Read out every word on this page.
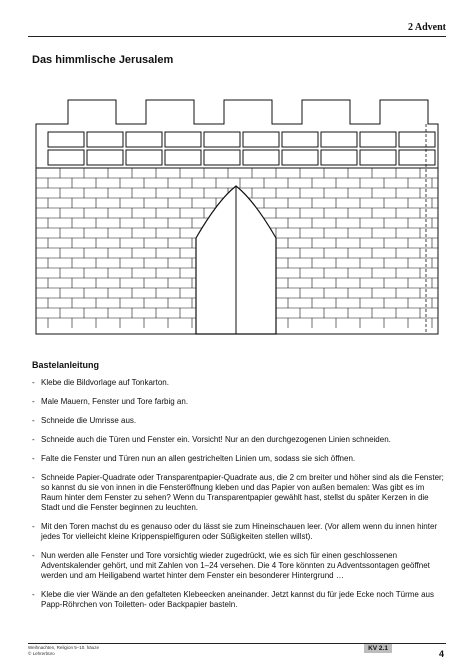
2 Advent
Das himmlische Jerusalem
Bastelanleitung
- Klebe die Bildvorlage auf Tonkarton.
- Male Mauern, Fenster und Tore farbig an.
- Schneide die Umrisse aus.
- Schneide auch die Türen und Fenster ein. Vorsicht! Nur an den durchgezogenen Linien schneiden.
- Falte die Fenster und Türen nun an allen gestrichelten Linien um, sodass sie sich öffnen.
- Schneide Papier-Quadrate oder Transparentpapier-Quadrate aus, die 2 cm breiter und höher sind als die Fenster; so kannst du sie von innen in die Fensteröffnung kleben und das Papier von außen bemalen: Was gibt es im Raum hinter dem Fenster zu sehen? Wenn du Transparentpapier gewählt hast, stellst du später Kerzen in die Stadt und die Fenster beginnen zu leuchten.
- Mit den Toren machst du es genauso oder du lässt sie zum Hineinschauen leer. (Vor allem wenn du innen hinter jedes Tor vielleicht kleine Krippenspielfiguren oder Süßigkeiten stellen willst).
- Nun werden alle Fenster und Tore vorsichtig wieder zugedrückt, wie es sich für einen geschlossenen Adventskalender gehört, und mit Zahlen von 1–24 versehen. Die 4 Tore könnten zu Adventssontagen geöffnet werden und am Heiligabend wartet hinter dem Fenster ein besonderer Hintergrund …
- Klebe die vier Wände an den gefalteten Klebeecken aneinander. Jetzt kannst du für jede Ecke noch Türme aus Papp-Röhrchen von Toiletten- oder Backpapier basteln.
Weihnachten, Religion 5–10. häuze
© Lehrerbüro
KV 2.1
4
